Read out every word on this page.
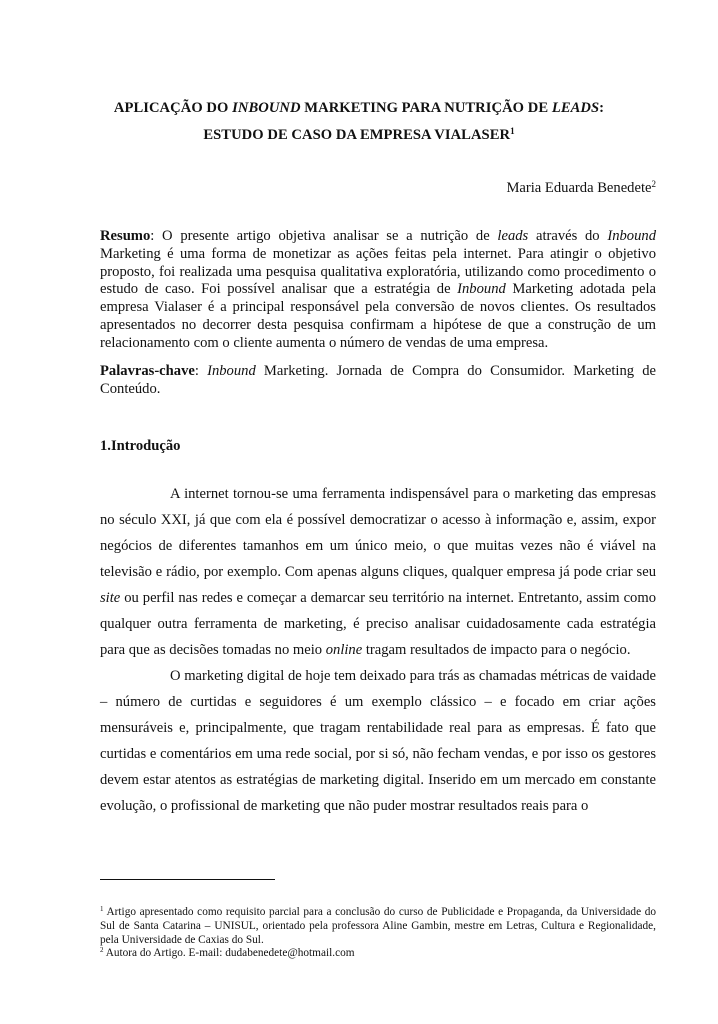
APLICAÇÃO DO INBOUND MARKETING PARA NUTRIÇÃO DE LEADS:
ESTUDO DE CASO DA EMPRESA VIALASER$^1$
Maria Eduarda Benedete$^2$
Resumo: O presente artigo objetiva analisar se a nutrição de leads através do Inbound Marketing é uma forma de monetizar as ações feitas pela internet. Para atingir o objetivo proposto, foi realizada uma pesquisa qualitativa exploratória, utilizando como procedimento o estudo de caso. Foi possível analisar que a estratégia de Inbound Marketing adotada pela empresa Vialaser é a principal responsável pela conversão de novos clientes. Os resultados apresentados no decorrer desta pesquisa confirmam a hipótese de que a construção de um relacionamento com o cliente aumenta o número de vendas de uma empresa.
Palavras-chave: Inbound Marketing. Jornada de Compra do Consumidor. Marketing de Conteúdo.
1.Introdução

A internet tornou-se uma ferramenta indispensável para o marketing das empresas no século XXI, já que com ela é possível democratizar o acesso à informação e, assim, expor negócios de diferentes tamanhos em um único meio, o que muitas vezes não é viável na televisão e rádio, por exemplo. Com apenas alguns cliques, qualquer empresa já pode criar seu site ou perfil nas redes e começar a demarcar seu território na internet. Entretanto, assim como qualquer outra ferramenta de marketing, é preciso analisar cuidadosamente cada estratégia para que as decisões tomadas no meio online tragam resultados de impacto para o negócio.

O marketing digital de hoje tem deixado para trás as chamadas métricas de vaidade – número de curtidas e seguidores é um exemplo clássico – e focado em criar ações mensuráveis e, principalmente, que tragam rentabilidade real para as empresas. É fato que curtidas e comentários em uma rede social, por si só, não fecham vendas, e por isso os gestores devem estar atentos as estratégias de marketing digital. Inserido em um mercado em constante evolução, o profissional de marketing que não puder mostrar resultados reais para o

$^1$ Artigo apresentado como requisito parcial para a conclusão do curso de Publicidade e Propaganda, da Universidade do Sul de Santa Catarina – UNISUL, orientado pela professora Aline Gambin, mestre em Letras, Cultura e Regionalidade, pela Universidade de Caxias do Sul.

$^2$ Autora do Artigo. E-mail: dudabenedete@hotmail.com
